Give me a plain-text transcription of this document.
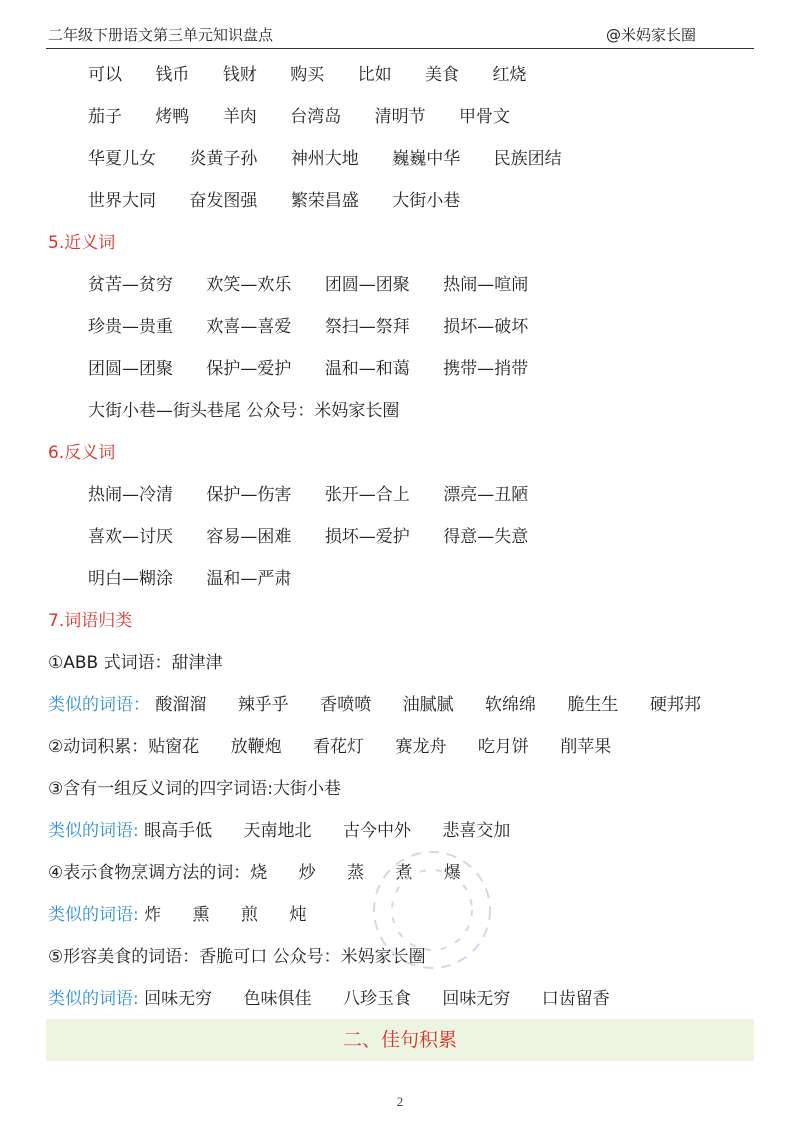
二年级下册语文第三单元知识盘点	@米妈家长圈
可以 钱币 钱财 购买 比如 美食 红烧
茄子 烤鸭 羊肉 台湾岛 清明节 甲骨文
华夏儿女 炎黄子孙 神州大地 巍巍中华 民族团结
世界大同 奋发图强 繁荣昌盛 大街小巷
5.近义词
贫苦—贫穷 欢笑—欢乐 团圆—团聚 热闹—喧闹
珍贵—贵重 欢喜—喜爱 祭扫—祭拜 损坏—破坏
团圆—团聚 保护—爱护 温和—和蔼 携带—捎带
大街小巷—街头巷尾 公众号：米妈家长圈
6.反义词
热闹—冷清 保护—伤害 张开—合上 漂亮—丑陋
喜欢—讨厌 容易—困难 损坏—爱护 得意—失意
明白—糊涂 温和—严肃
7.词语归类
①ABB 式词语：甜津津
类似的词语： 酸溜溜 辣乎乎 香喷喷 油腻腻 软绵绵 脆生生 硬邦邦
②动词积累：贴窗花 放鞭炮 看花灯 赛龙舟 吃月饼 削苹果
③含有一组反义词的四字词语:大街小巷
类似的词语: 眼高手低 天南地北 古今中外 悲喜交加
④表示食物烹调方法的词：烧 炒 蒸 煮 爆
类似的词语: 炸 熏 煎 炖
⑤形容美食的词语：香脆可口 公众号：米妈家长圈
类似的词语: 回味无穷 色味俱佳 八珍玉食 回味无穷 口齿留香
二、佳句积累
2
